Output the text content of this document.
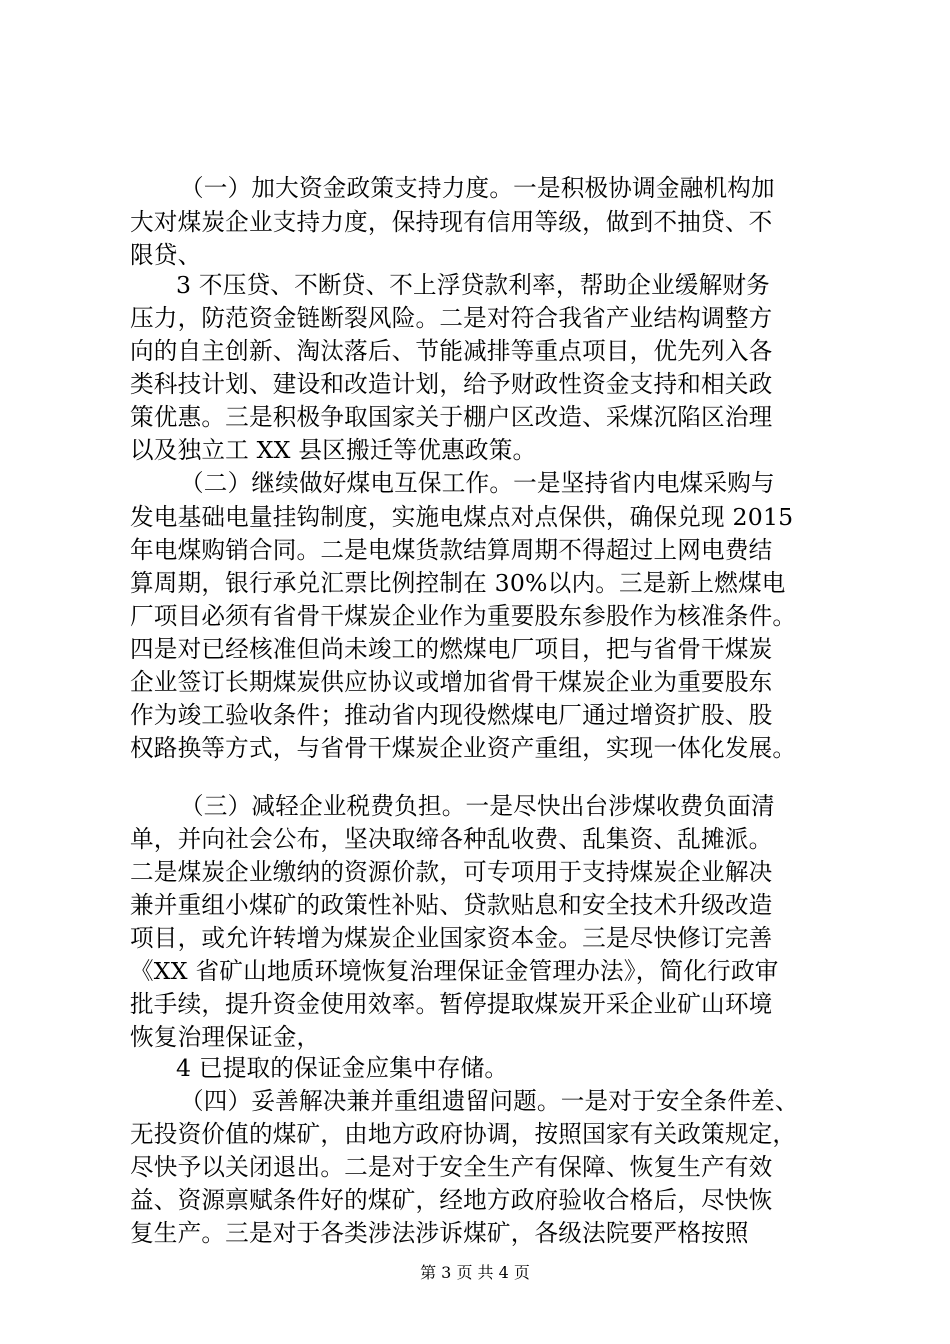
（一）加大资金政策支持力度。一是积极协调金融机构加
大对煤炭企业支持力度，保持现有信用等级，做到不抽贷、不
限贷、
3 不压贷、不断贷、不上浮贷款利率，帮助企业缓解财务
压力，防范资金链断裂风险。二是对符合我省产业结构调整方
向的自主创新、淘汰落后、节能减排等重点项目，优先列入各
类科技计划、建设和改造计划，给予财政性资金支持和相关政
策优惠。三是积极争取国家关于棚户区改造、采煤沉陷区治理
以及独立工 XX 县区搬迁等优惠政策。
（二）继续做好煤电互保工作。一是坚持省内电煤采购与
发电基础电量挂钩制度，实施电煤点对点保供，确保兑现 2015
年电煤购销合同。二是电煤货款结算周期不得超过上网电费结
算周期，银行承兑汇票比例控制在 30%以内。三是新上燃煤电
厂项目必须有省骨干煤炭企业作为重要股东参股作为核准条件。
四是对已经核准但尚未竣工的燃煤电厂项目，把与省骨干煤炭
企业签订长期煤炭供应协议或增加省骨干煤炭企业为重要股东
作为竣工验收条件；推动省内现役燃煤电厂通过增资扩股、股
权路换等方式，与省骨干煤炭企业资产重组，实现一体化发展。
（三）减轻企业税费负担。一是尽快出台涉煤收费负面清
单，并向社会公布，坚决取缔各种乱收费、乱集资、乱摊派。
二是煤炭企业缴纳的资源价款，可专项用于支持煤炭企业解决
兼并重组小煤矿的政策性补贴、贷款贴息和安全技术升级改造
项目，或允许转增为煤炭企业国家资本金。三是尽快修订完善
《XX 省矿山地质环境恢复治理保证金管理办法》，简化行政审
批手续，提升资金使用效率。暂停提取煤炭开采企业矿山环境
恢复治理保证金，
4 已提取的保证金应集中存储。
（四）妥善解决兼并重组遗留问题。一是对于安全条件差、
无投资价值的煤矿，由地方政府协调，按照国家有关政策规定，
尽快予以关闭退出。二是对于安全生产有保障、恢复生产有效
益、资源禀赋条件好的煤矿，经地方政府验收合格后，尽快恢
复生产。三是对于各类涉法涉诉煤矿，各级法院要严格按照
第 3 页 共 4 页
